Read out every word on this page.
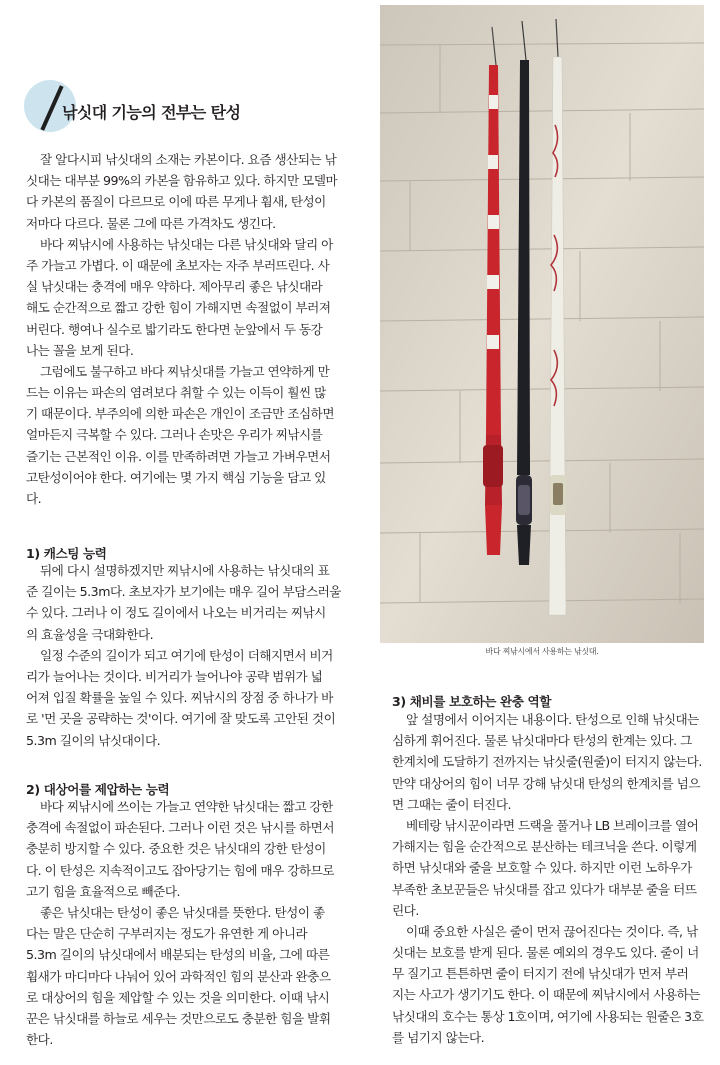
낚싯대 기능의 전부는 탄성
잘 알다시피 낚싯대의 소재는 카본이다. 요즘 생산되는 낚
싯대는 대부분 99%의 카본을 함유하고 있다. 하지만 모델마
다 카본의 품질이 다르므로 이에 따른 무게나 휨새, 탄성이
저마다 다르다. 물론 그에 따른 가격차도 생긴다.
바다 찌낚시에 사용하는 낚싯대는 다른 낚싯대와 달리 아
주 가늘고 가볍다. 이 때문에 초보자는 자주 부러뜨린다. 사
실 낚싯대는 충격에 매우 약하다. 제아무리 좋은 낚싯대라
해도 순간적으로 짧고 강한 힘이 가해지면 속절없이 부러져
버린다. 행여나 실수로 밟기라도 한다면 눈앞에서 두 동강
나는 꼴을 보게 된다.
그럼에도 불구하고 바다 찌낚싯대를 가늘고 연약하게 만
드는 이유는 파손의 염려보다 취할 수 있는 이득이 훨씬 많
기 때문이다. 부주의에 의한 파손은 개인이 조금만 조심하면
얼마든지 극복할 수 있다. 그러나 손맛은 우리가 찌낚시를
즐기는 근본적인 이유. 이를 만족하려면 가늘고 가벼우면서
고탄성이어야 한다. 여기에는 몇 가지 핵심 기능을 담고 있
다.
1) 캐스팅 능력
뒤에 다시 설명하겠지만 찌낚시에 사용하는 낚싯대의 표
준 길이는 5.3m다. 초보자가 보기에는 매우 길어 부담스러울
수 있다. 그러나 이 정도 길이에서 나오는 비거리는 찌낚시
의 효율성을 극대화한다.
일정 수준의 길이가 되고 여기에 탄성이 더해지면서 비거
리가 늘어나는 것이다. 비거리가 늘어나야 공략 범위가 넓
어져 입질 확률을 높일 수 있다. 찌낚시의 장점 중 하나가 바
로 '먼 곳을 공략하는 것'이다. 여기에 잘 맞도록 고안된 것이
5.3m 길이의 낚싯대이다.
2) 대상어를 제압하는 능력
바다 찌낚시에 쓰이는 가늘고 연약한 낚싯대는 짧고 강한
충격에 속절없이 파손된다. 그러나 이런 것은 낚시를 하면서
충분히 방지할 수 있다. 중요한 것은 낚싯대의 강한 탄성이
다. 이 탄성은 지속적이고도 잡아당기는 힘에 매우 강하므로
고기 힘을 효율적으로 빼준다.
좋은 낚싯대는 탄성이 좋은 낚싯대를 뜻한다. 탄성이 좋
다는 말은 단순히 구부러지는 정도가 유연한 게 아니라
5.3m 길이의 낚싯대에서 배분되는 탄성의 비율, 그에 따른
휨새가 마디마다 나눠어 있어 과학적인 힘의 분산과 완충으
로 대상어의 힘을 제압할 수 있는 것을 의미한다. 이때 낚시
꾼은 낚싯대를 하늘로 세우는 것만으로도 충분한 힘을 발휘
한다.
바다 찌낚시에서 사용하는 낚싯대.
3) 채비를 보호하는 완충 역할
앞 설명에서 이어지는 내용이다. 탄성으로 인해 낚싯대는
심하게 휘어진다. 물론 낚싯대마다 탄성의 한계는 있다. 그
한계치에 도달하기 전까지는 낚싯줄(원줄)이 터지지 않는다.
만약 대상어의 힘이 너무 강해 낚싯대 탄성의 한계치를 넘으
면 그때는 줄이 터진다.
베테랑 낚시꾼이라면 드랙을 풀거나 LB 브레이크를 열어
가해지는 힘을 순간적으로 분산하는 테크닉을 쓴다. 이렇게
하면 낚싯대와 줄을 보호할 수 있다. 하지만 이런 노하우가
부족한 초보꾼들은 낚싯대를 잡고 있다가 대부분 줄을 터뜨
린다.
이때 중요한 사실은 줄이 먼저 끊어진다는 것이다. 즉, 낚
싯대는 보호를 받게 된다. 물론 예외의 경우도 있다. 줄이 너
무 질기고 튼튼하면 줄이 터지기 전에 낚싯대가 먼저 부러
지는 사고가 생기기도 한다. 이 때문에 찌낚시에서 사용하는
낚싯대의 호수는 통상 1호이며, 여기에 사용되는 원줄은 3호
를 넘기지 않는다.
